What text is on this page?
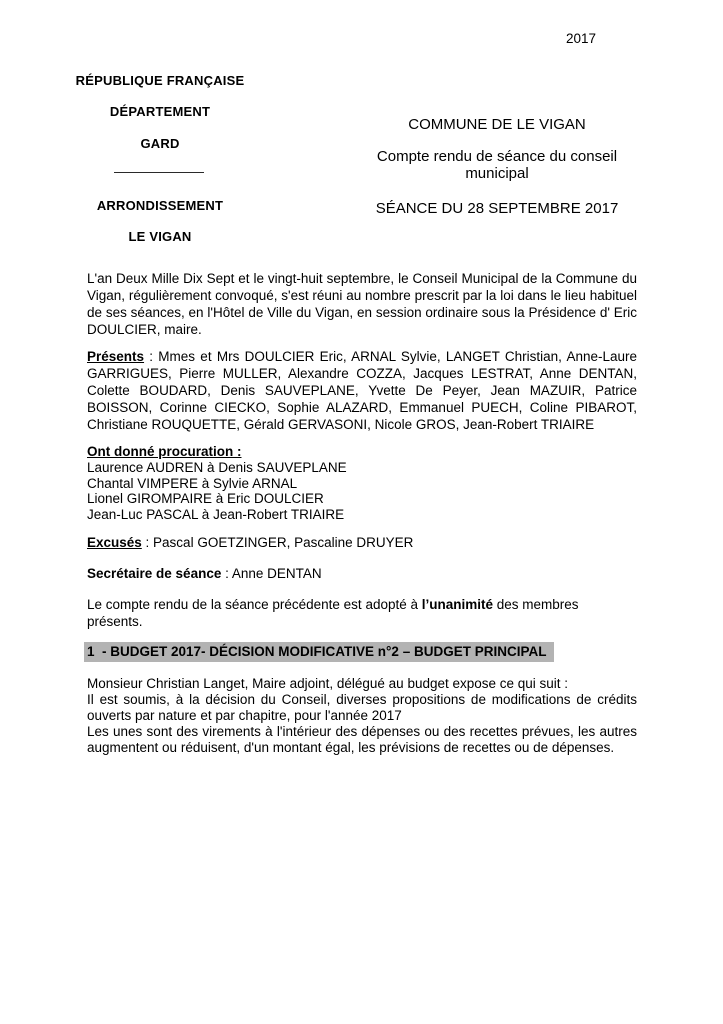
2017
RÉPUBLIQUE FRANÇAISE
DÉPARTEMENT
GARD
ARRONDISSEMENT
LE VIGAN
COMMUNE DE LE VIGAN
Compte rendu de séance du conseil municipal
SÉANCE DU 28 SEPTEMBRE 2017
L'an Deux Mille Dix Sept et le vingt-huit septembre, le Conseil Municipal de la Commune du Vigan, régulièrement convoqué, s'est réuni au nombre prescrit par la loi dans le lieu habituel de ses séances, en l'Hôtel de Ville du Vigan, en session ordinaire sous la Présidence d' Eric DOULCIER, maire.
Présents : Mmes et Mrs DOULCIER Eric, ARNAL Sylvie, LANGET Christian, Anne-Laure GARRIGUES, Pierre MULLER, Alexandre COZZA, Jacques LESTRAT, Anne DENTAN, Colette BOUDARD, Denis SAUVEPLANE, Yvette De Peyer, Jean MAZUIR, Patrice BOISSON, Corinne CIECKO, Sophie ALAZARD, Emmanuel PUECH, Coline PIBAROT, Christiane ROUQUETTE, Gérald GERVASONI, Nicole GROS, Jean-Robert TRIAIRE
Ont donné procuration :
Laurence AUDREN à Denis SAUVEPLANE
Chantal VIMPERE à Sylvie ARNAL
Lionel GIROMPAIRE à Eric DOULCIER
Jean-Luc PASCAL à Jean-Robert TRIAIRE
Excusés : Pascal GOETZINGER, Pascaline DRUYER
Secrétaire de séance : Anne DENTAN
Le compte rendu de la séance précédente est adopté à l’unanimité des membres présents.
1  - BUDGET 2017- DÉCISION MODIFICATIVE n°2 – BUDGET PRINCIPAL
Monsieur Christian Langet, Maire adjoint, délégué au budget expose ce qui suit :
Il est soumis, à la décision du Conseil, diverses propositions de modifications de crédits ouverts par nature et par chapitre, pour l'année 2017
Les unes sont des virements à l'intérieur des dépenses ou des recettes prévues, les autres augmentent ou réduisent, d'un montant égal, les prévisions de recettes ou de dépenses.
